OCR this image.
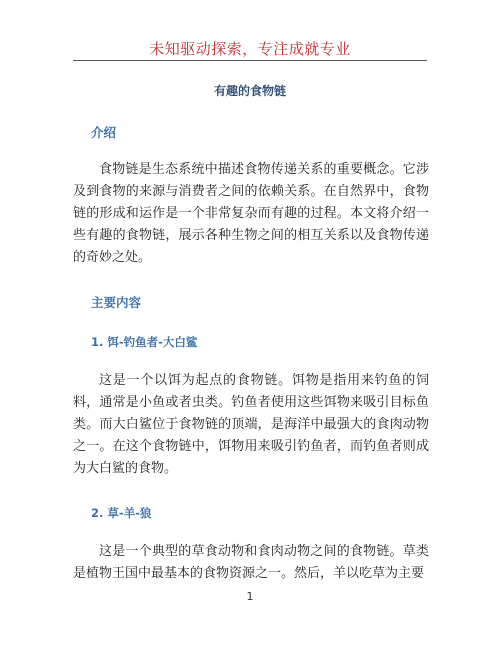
未知驱动探索，专注成就专业
有趣的食物链
介绍
食物链是生态系统中描述食物传递关系的重要概念。它涉及到食物的来源与消费者之间的依赖关系。在自然界中，食物链的形成和运作是一个非常复杂而有趣的过程。本文将介绍一些有趣的食物链，展示各种生物之间的相互关系以及食物传递的奇妙之处。
主要内容
1. 饵-钓鱼者-大白鲨
这是一个以饵为起点的食物链。饵物是指用来钓鱼的饲料，通常是小鱼或者虫类。钓鱼者使用这些饵物来吸引目标鱼类。而大白鲨位于食物链的顶端，是海洋中最强大的食肉动物之一。在这个食物链中，饵物用来吸引钓鱼者，而钓鱼者则成为大白鲨的食物。
2. 草-羊-狼
这是一个典型的草食动物和食肉动物之间的食物链。草类是植物王国中最基本的食物资源之一。然后，羊以吃草为主要
1
